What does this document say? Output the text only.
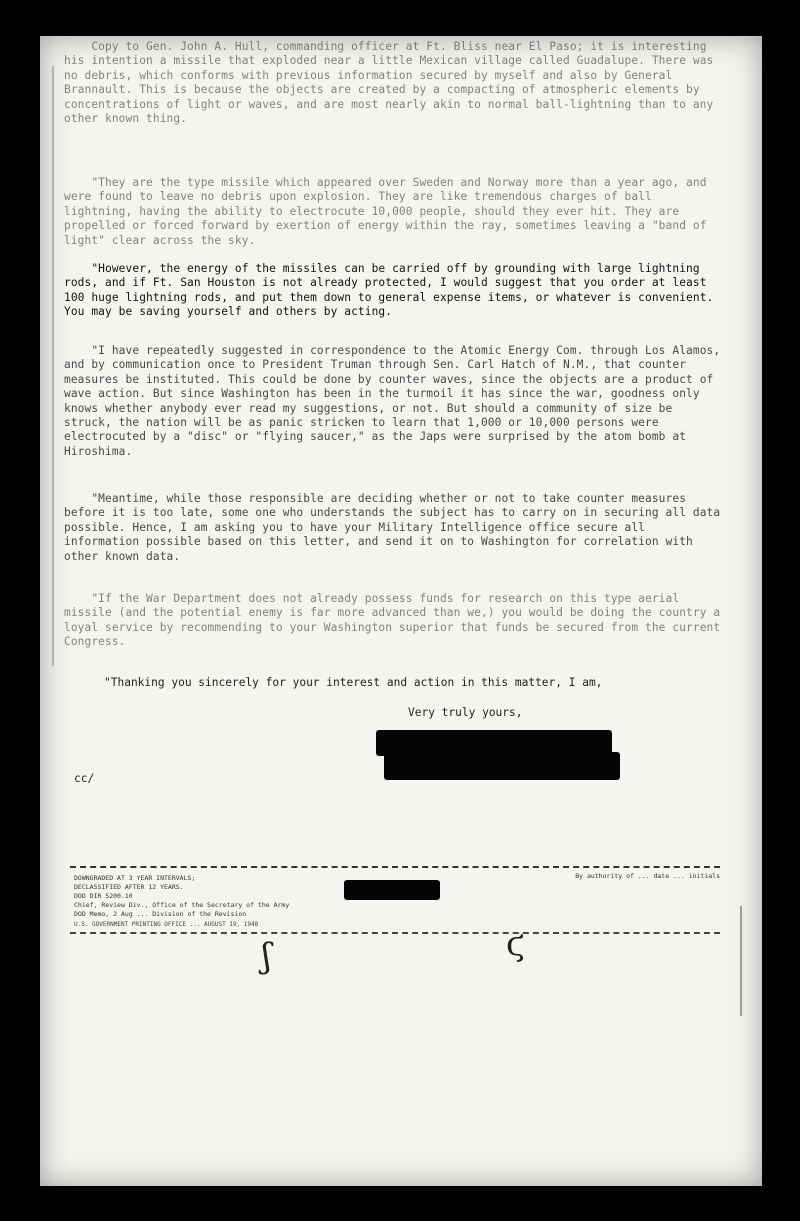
Copy to Gen. John A. Hull, commanding officer at Ft. Bliss near El Paso; it is interesting his intention a missile that exploded near a little Mexican village called Guadalupe. There was no debris, which conforms with previous information secured by myself and also by General Brannault. This is because the objects are created by a compacting of atmospheric elements by concentrations of light or waves, and are most nearly akin to normal ball-lightning than to any other known thing.
"They are the type missile which appeared over Sweden and Norway more than a year ago, and were found to leave no debris upon explosion. They are like tremendous charges of ball lightning, having the ability to electrocute 10,000 people, should they ever hit. They are propelled or forced forward by exertion of energy within the ray, sometimes leaving a "band of light" clear across the sky.
"However, the energy of the missiles can be carried off by grounding with large lightning rods, and if Ft. San Houston is not already protected, I would suggest that you order at least 100 huge lightning rods, and put them down to general expense items, or whatever is convenient. You may be saving yourself and others by acting.
"I have repeatedly suggested in correspondence to the Atomic Energy Com. through Los Alamos, and by communication once to President Truman through Sen. Carl Hatch of N.M., that counter measures be instituted. This could be done by counter waves, since the objects are a product of wave action. But since Washington has been in the turmoil it has since the war, goodness only knows whether anybody ever read my suggestions, or not. But should a community of size be struck, the nation will be as panic stricken to learn that 1,000 or 10,000 persons were electrocuted by a "disc" or "flying saucer," as the Japs were surprised by the atom bomb at Hiroshima.
"Meantime, while those responsible are deciding whether or not to take counter measures before it is too late, some one who understands the subject has to carry on in securing all data possible. Hence, I am asking you to have your Military Intelligence office secure all information possible based on this letter, and send it on to Washington for correlation with other known data.
"If the War Department does not already possess funds for research on this type aerial missile (and the potential enemy is far more advanced than we,) you would be doing the country a loyal service by recommending to your Washington superior that funds be secured from the current Congress.
"Thanking you sincerely for your interest and action in this matter, I am,
Very truly yours,
cc/
DOWNGRADED AT 3 YEAR INTERVALS;
DECLASSIFIED AFTER 12 YEARS.
DOD DIR 5200.10
Chief, Review Div., Office of the Secretary of the Army
DOD Memo, 2 Aug ... Division of the Revision
By authority of ... date ... initials
U.S. GOVERNMENT PRINTING OFFICE ... AUGUST 19, 1948
ʃ	ϛ
